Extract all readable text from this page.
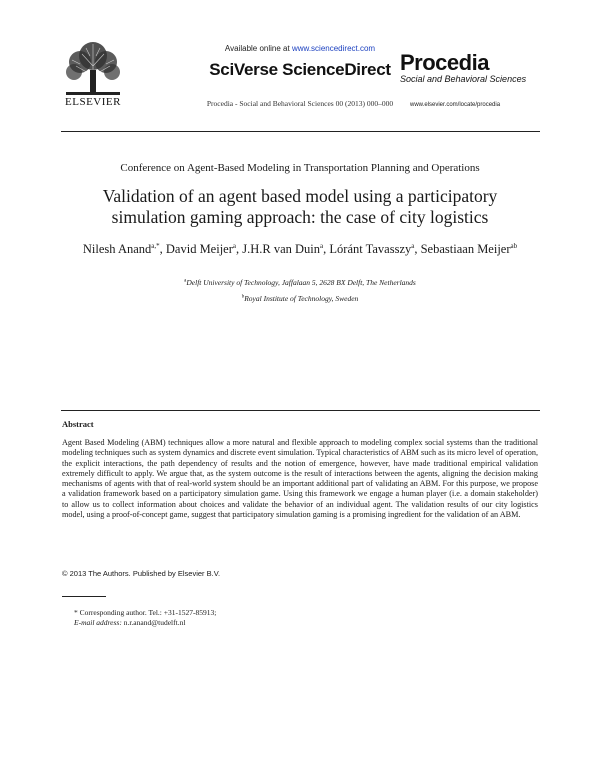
ELSEVIER
Available online at www.sciencedirect.com
SciVerse ScienceDirect
Procedia - Social and Behavioral Sciences 00 (2013) 000–000
Procedia
Social and Behavioral Sciences
www.elsevier.com/locate/procedia
Conference on Agent-Based Modeling in Transportation Planning and Operations
Validation of an agent based model using a participatory
simulation gaming approach: the case of city logistics
Nilesh Anand$^{a,*}$, David Meijer$^a$, J.H.R van Duin$^a$, Lóránt Tavasszy$^a$, Sebastiaan Meijer$^{ab}$
$^a$Delft University of Technology, Jaffalaan 5, 2628 BX Delft, The Netherlands
$^b$Royal Institute of Technology, Sweden
Abstract
Agent Based Modeling (ABM) techniques allow a more natural and flexible approach to modeling complex social systems than the traditional modeling techniques such as system dynamics and discrete event simulation. Typical characteristics of ABM such as its micro level of operation, the explicit interactions, the path dependency of results and the notion of emergence, however, have made traditional empirical validation extremely difficult to apply. We argue that, as the system outcome is the result of interactions between the agents, aligning the decision making mechanisms of agents with that of real-world system should be an important additional part of validating an ABM. For this purpose, we propose a validation framework based on a participatory simulation game. Using this framework we engage a human player (i.e. a domain stakeholder) to allow us to collect information about choices and validate the behavior of an individual agent. The validation results of our city logistics model, using a proof-of-concept game, suggest that participatory simulation gaming is a promising ingredient for the validation of an ABM.
© 2013 The Authors. Published by Elsevier B.V.
* Corresponding author. Tel.: +31-1527-85913;
E-mail address: n.r.anand@tudelft.nl
